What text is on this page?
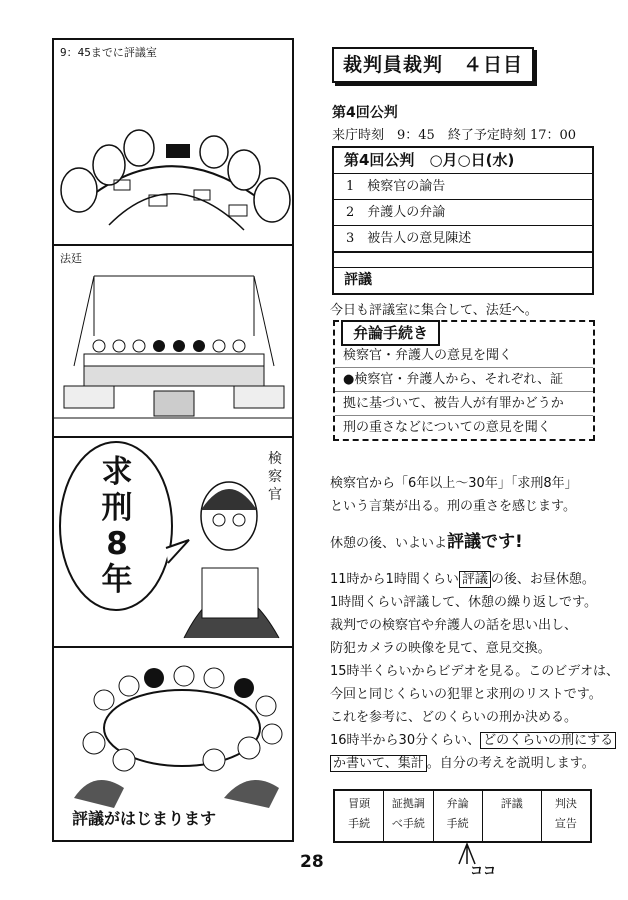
9：45までに評議室
法廷
求刑8年
検察官
評議がはじまります
裁判員裁判　４日目
第4回公判
来庁時刻　9：45　終了予定時刻 17：00
第4回公判　○月○日(水)
1　検察官の論告
2　弁護人の弁論
3　被告人の意見陳述
評議
今日も評議室に集合して、法廷へ。
弁論手続き
検察官・弁護人の意見を聞く
●検察官・弁護人から、それぞれ、証
拠に基づいて、被告人が有罪かどうか
刑の重さなどについての意見を聞く
検察官から「6年以上〜30年」「求刑8年」
という言葉が出る。刑の重さを感じます。
休憩の後、いよいよ評議です!
11時から1時間くらい 評議 の後、お昼休憩。
1時間くらい評議して、休憩の繰り返しです。
裁判での検察官や弁護人の話を思い出し、
防犯カメラの映像を見て、意見交換。
15時半くらいからビデオを見る。このビデオは、
今回と同じくらいの犯罪と求刑のリストです。
これを参考に、どのくらいの刑か決める。
16時半から30分くらい、 どのくらいの刑にする
か書いて、集計 。自分の考えを説明します。
冒頭
手続
証拠調
べ手続
弁論
手続
評議	判決
宣告
ココ
28
